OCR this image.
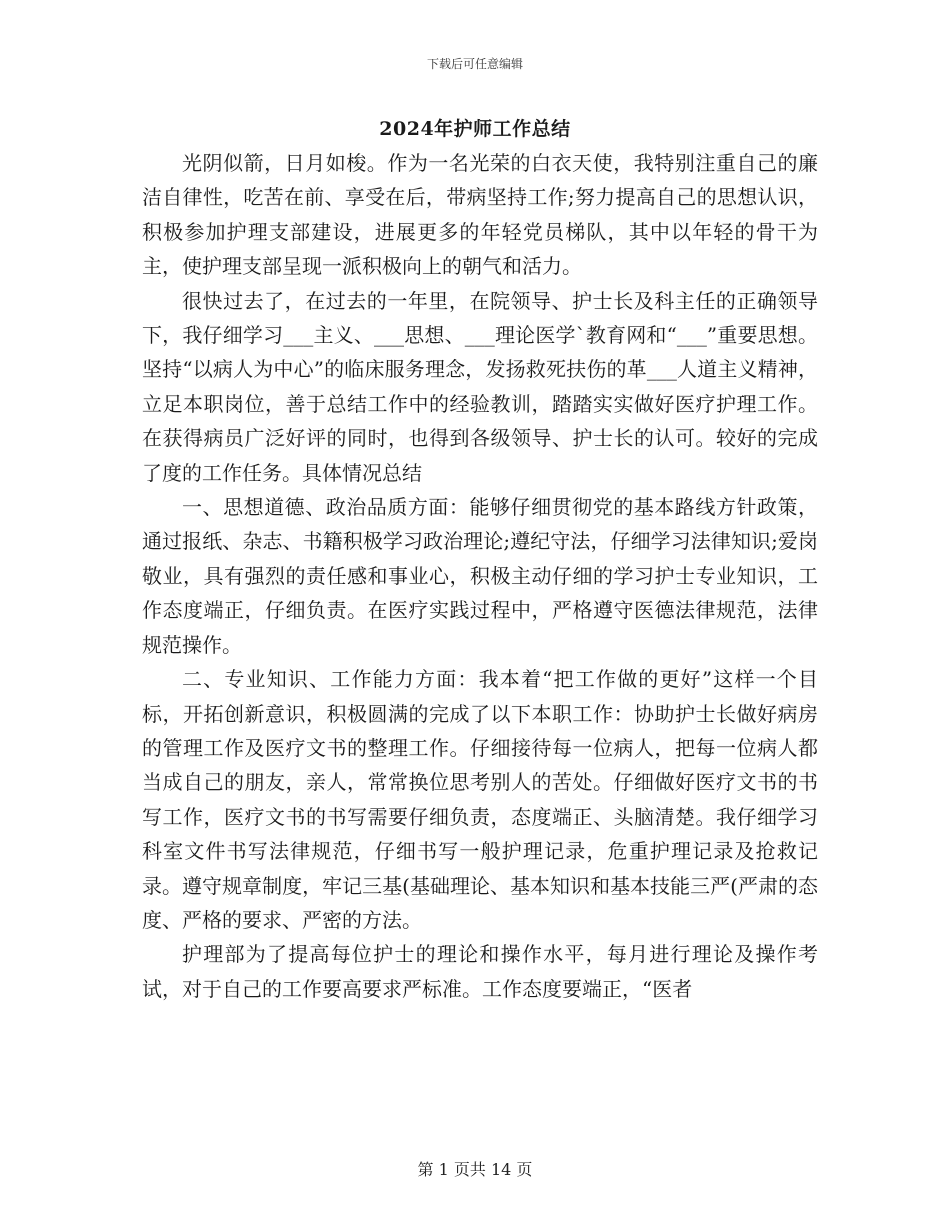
下载后可任意编辑
2024年护师工作总结

光阴似箭，日月如梭。作为一名光荣的白衣天使，我特别注重自己的廉洁自律性，吃苦在前、享受在后，带病坚持工作;努力提高自己的思想认识，积极参加护理支部建设，进展更多的年轻党员梯队，其中以年轻的骨干为主，使护理支部呈现一派积极向上的朝气和活力。

很快过去了，在过去的一年里，在院领导、护士长及科主任的正确领导下，我仔细学习___主义、___思想、___理论医学`教育网和“___”重要思想。坚持“以病人为中心”的临床服务理念，发扬救死扶伤的革___人道主义精神，立足本职岗位，善于总结工作中的经验教训，踏踏实实做好医疗护理工作。在获得病员广泛好评的同时，也得到各级领导、护士长的认可。较好的完成了度的工作任务。具体情况总结

一、思想道德、政治品质方面：能够仔细贯彻党的基本路线方针政策，通过报纸、杂志、书籍积极学习政治理论;遵纪守法，仔细学习法律知识;爱岗敬业，具有强烈的责任感和事业心，积极主动仔细的学习护士专业知识，工作态度端正，仔细负责。在医疗实践过程中，严格遵守医德法律规范，法律规范操作。

二、专业知识、工作能力方面：我本着“把工作做的更好”这样一个目标，开拓创新意识，积极圆满的完成了以下本职工作：协助护士长做好病房的管理工作及医疗文书的整理工作。仔细接待每一位病人，把每一位病人都当成自己的朋友，亲人，常常换位思考别人的苦处。仔细做好医疗文书的书写工作，医疗文书的书写需要仔细负责，态度端正、头脑清楚。我仔细学习科室文件书写法律规范，仔细书写一般护理记录，危重护理记录及抢救记录。遵守规章制度，牢记三基(基础理论、基本知识和基本技能三严(严肃的态度、严格的要求、严密的方法。

护理部为了提高每位护士的理论和操作水平，每月进行理论及操作考试，对于自己的工作要高要求严标准。工作态度要端正，“医者

第 1 页共 14 页
